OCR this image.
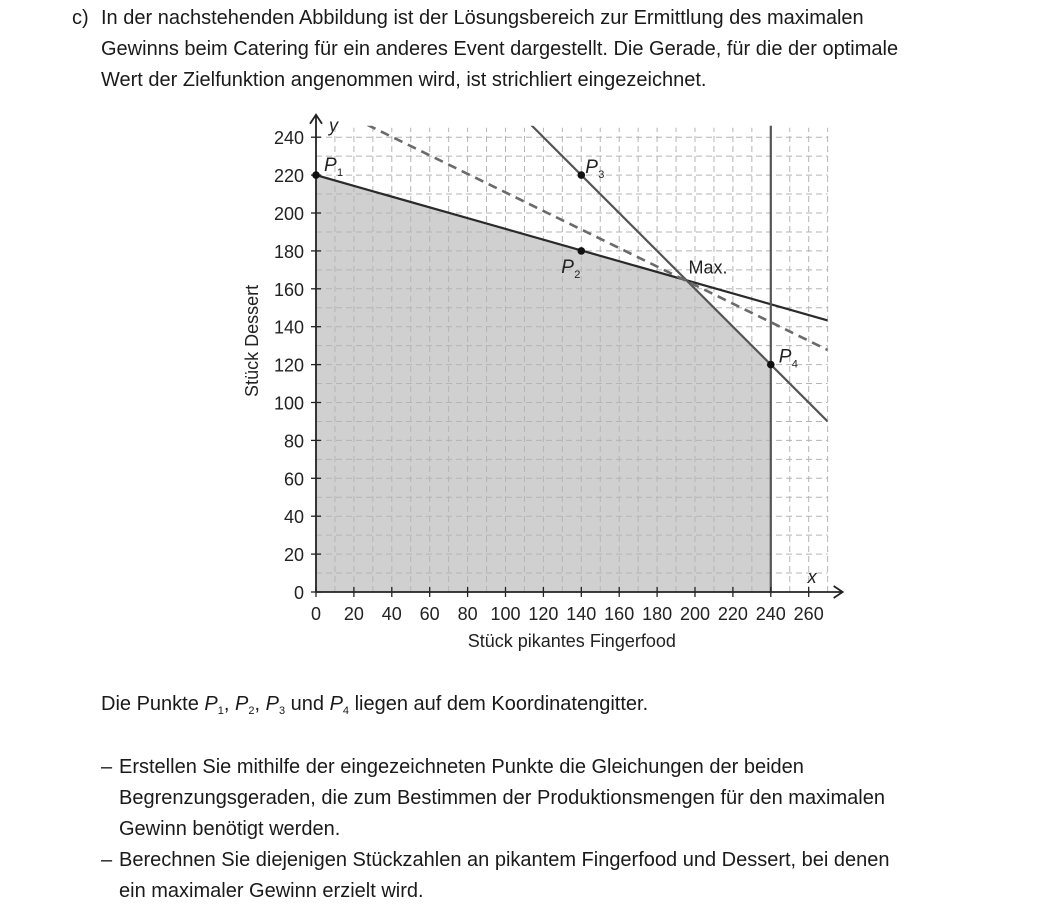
c) In der nachstehenden Abbildung ist der Lösungsbereich zur Ermittlung des maximalen
Gewinns beim Catering für ein anderes Event dargestellt. Die Gerade, für die der optimale
Wert der Zielfunktion angenommen wird, ist strichliert eingezeichnet.
0 20 40 60 80 100 120 140 160 180 200 220 240 260
0
20
40
60
80
100
120
140
160
180
200
220
240
x
y
Stück pikantes Fingerfood
Stück Dessert
P 1
P 2
P 3
P 4
Max.
Die Punkte $P_1$, $P_2$, $P_3$ und $P_4$ liegen auf dem Koordinatengitter.
– Erstellen Sie mithilfe der eingezeichneten Punkte die Gleichungen der beiden
Begrenzungsgeraden, die zum Bestimmen der Produktionsmengen für den maximalen
Gewinn benötigt werden.
– Berechnen Sie diejenigen Stückzahlen an pikantem Fingerfood und Dessert, bei denen
ein maximaler Gewinn erzielt wird.
